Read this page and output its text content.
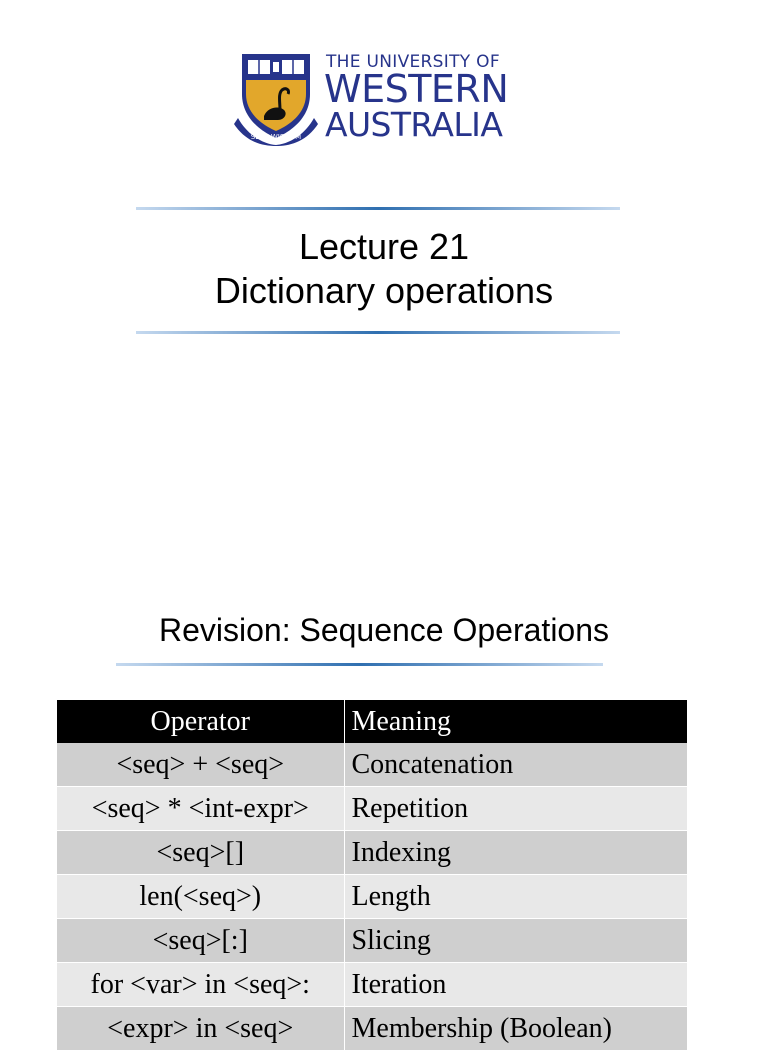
SEEK WISDOM
THE UNIVERSITY OF
WESTERN
AUSTRALIA
Lecture 21
Dictionary operations
Revision: Sequence Operations
Operator	Meaning
<seq> + <seq>	Concatenation
<seq> * <int-expr>	Repetition
<seq>[]	Indexing
len(<seq>)	Length
<seq>[:]	Slicing
for <var> in <seq>:	Iteration
<expr> in <seq>	Membership (Boolean)
